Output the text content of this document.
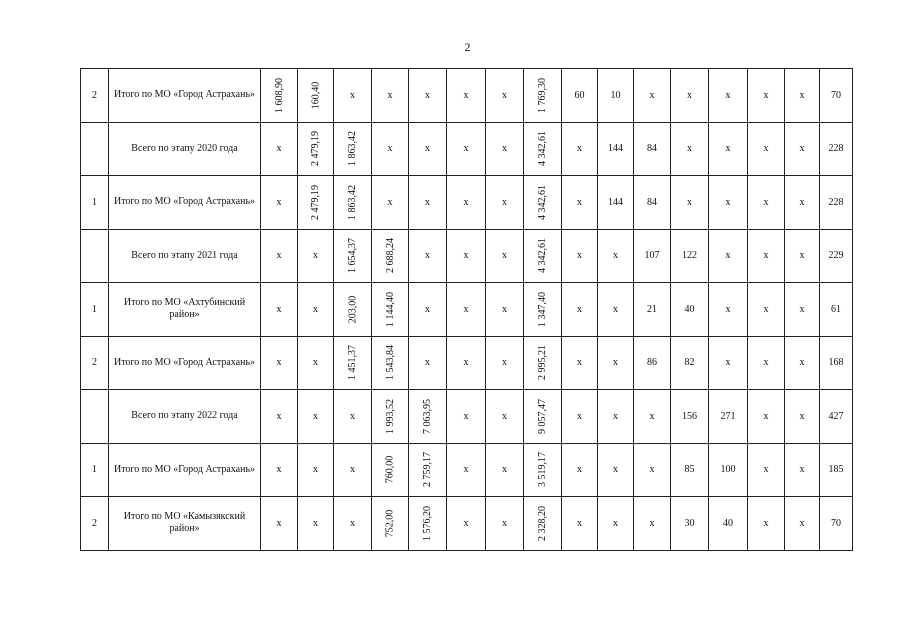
2
2	Итого по МО «Город Астрахань»	1 608,90	160,40	x	x	x	x	x	1 769,30	60	10	x	x	x	x	x	70
	Всего по этапу 2020 года	x	2 479,19	1 863,42	x	x	x	x	4 342,61	x	144	84	x	x	x	x	228
1	Итого по МО «Город Астрахань»	x	2 479,19	1 863,42	x	x	x	x	4 342,61	x	144	84	x	x	x	x	228
	Всего по этапу 2021 года	x	x	1 654,37	2 688,24	x	x	x	4 342,61	x	x	107	122	x	x	x	229
1	Итого по МО «Ахтубинский район»	x	x	203,00	1 144,40	x	x	x	1 347,40	x	x	21	40	x	x	x	61
2	Итого по МО «Город Астрахань»	x	x	1 451,37	1 543,84	x	x	x	2 995,21	x	x	86	82	x	x	x	168
	Всего по этапу 2022 года	x	x	x	1 993,52	7 063,95	x	x	9 057,47	x	x	x	156	271	x	x	427
1	Итого по МО «Город Астрахань»	x	x	x	760,00	2 759,17	x	x	3 519,17	x	x	x	85	100	x	x	185
2	Итого по МО «Камызякский район»	x	x	x	752,00	1 576,20	x	x	2 328,20	x	x	x	30	40	x	x	70
